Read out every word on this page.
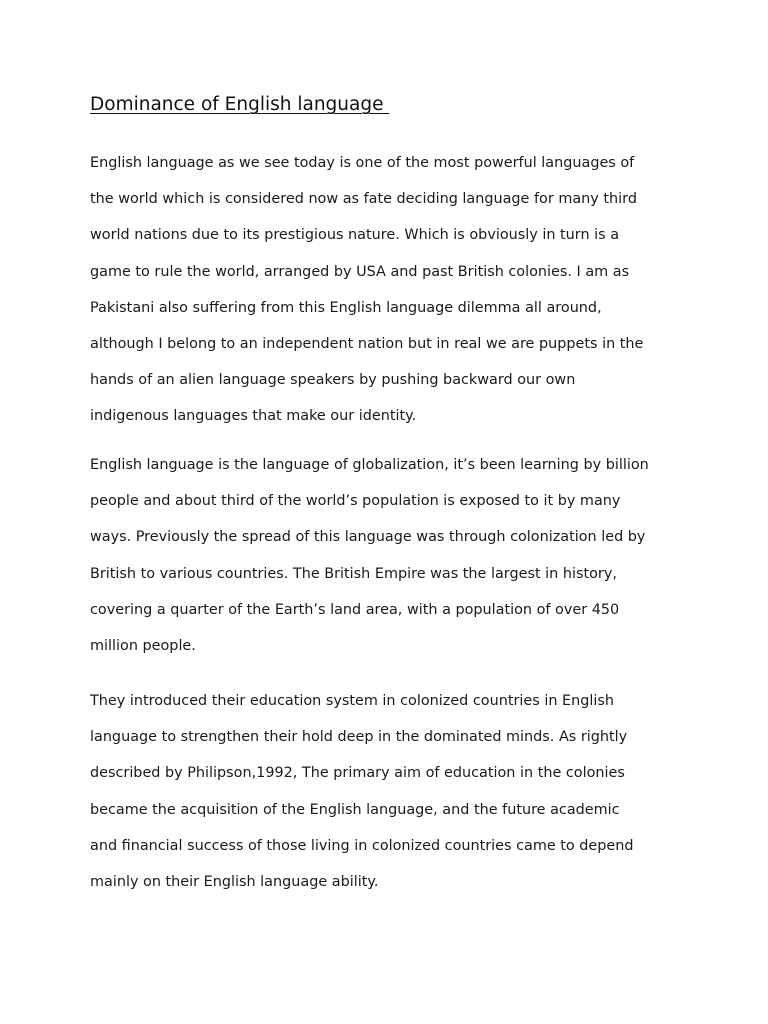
Dominance of English language
English language as we see today is one of the most powerful languages of
the world which is considered now as fate deciding language for many third
world nations due to its prestigious nature. Which is obviously in turn is a
game to rule the world, arranged by USA and past British colonies. I am as
Pakistani also suffering from this English language dilemma all around,
although I belong to an independent nation but in real we are puppets in the
hands of an alien language speakers by pushing backward our own
indigenous languages that make our identity.
English language is the language of globalization, it’s been learning by billion
people and about third of the world’s population is exposed to it by many
ways. Previously the spread of this language was through colonization led by
British to various countries. The British Empire was the largest in history,
covering a quarter of the Earth’s land area, with a population of over 450
million people.
They introduced their education system in colonized countries in English
language to strengthen their hold deep in the dominated minds. As rightly
described by Philipson,1992, The primary aim of education in the colonies
became the acquisition of the English language, and the future academic
and financial success of those living in colonized countries came to depend
mainly on their English language ability.
